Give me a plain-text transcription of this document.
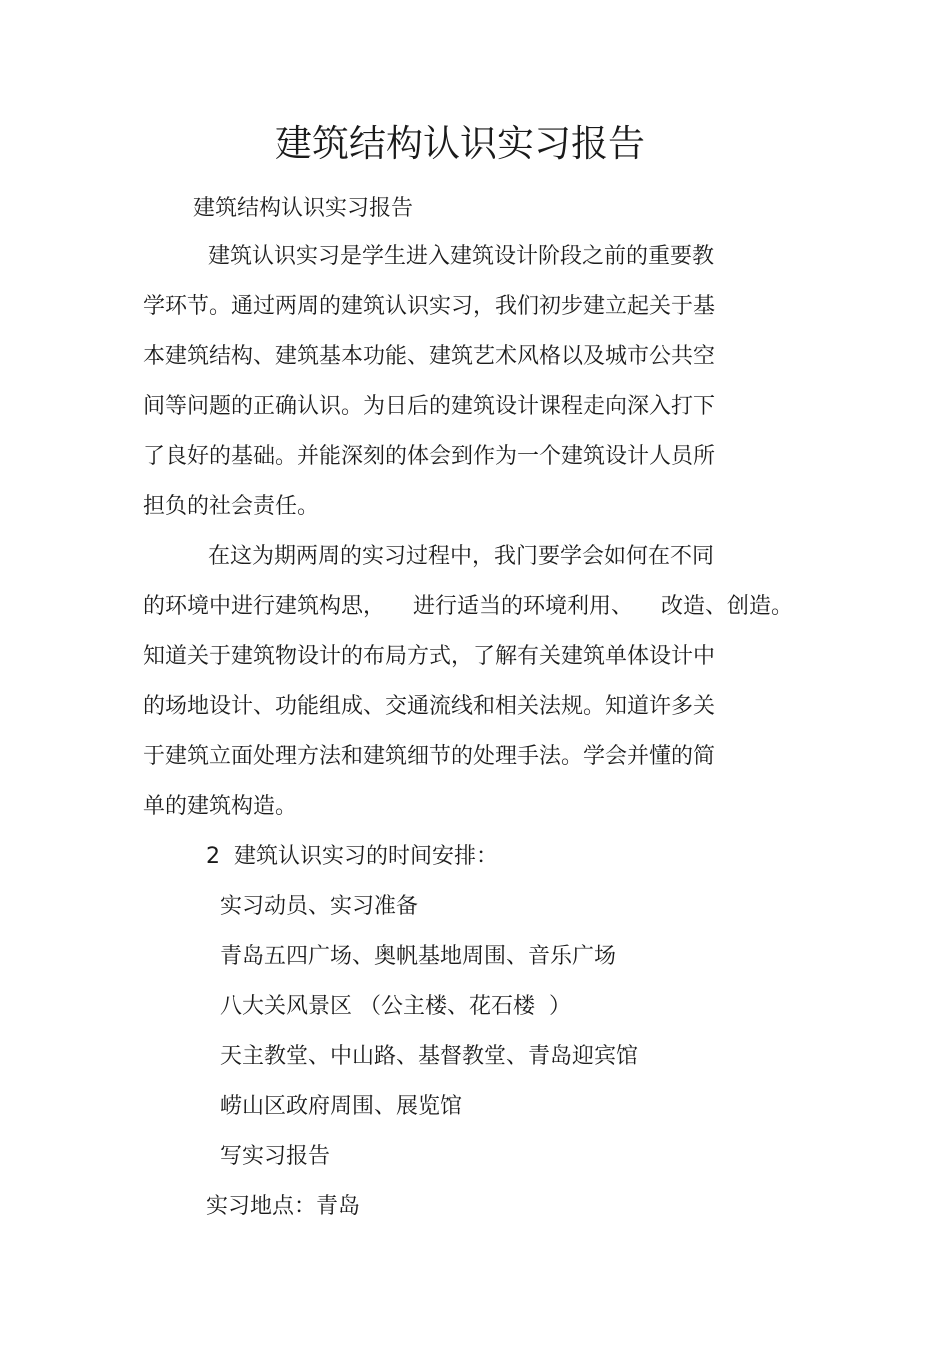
建筑结构认识实习报告
建筑结构认识实习报告
建筑认识实习是学生进入建筑设计阶段之前的重要教
学环节。通过两周的建筑认识实习，我们初步建立起关于基
本建筑结构、建筑基本功能、建筑艺术风格以及城市公共空
间等问题的正确认识。为日后的建筑设计课程走向深入打下
了良好的基础。并能深刻的体会到作为一个建筑设计人员所
担负的社会责任。
在这为期两周的实习过程中，我门要学会如何在不同
的环境中进行建筑构思，    进行适当的环境利用、    改造、创造。
知道关于建筑物设计的布局方式，了解有关建筑单体设计中
的场地设计、功能组成、交通流线和相关法规。知道许多关
于建筑立面处理方法和建筑细节的处理手法。学会并懂的简
单的建筑构造。
2  建筑认识实习的时间安排：
实习动员、实习准备
青岛五四广场、奥帆基地周围、音乐广场
八大关风景区 （公主楼、花石楼  ）
天主教堂、中山路、基督教堂、青岛迎宾馆
崂山区政府周围、展览馆
写实习报告
实习地点：青岛
